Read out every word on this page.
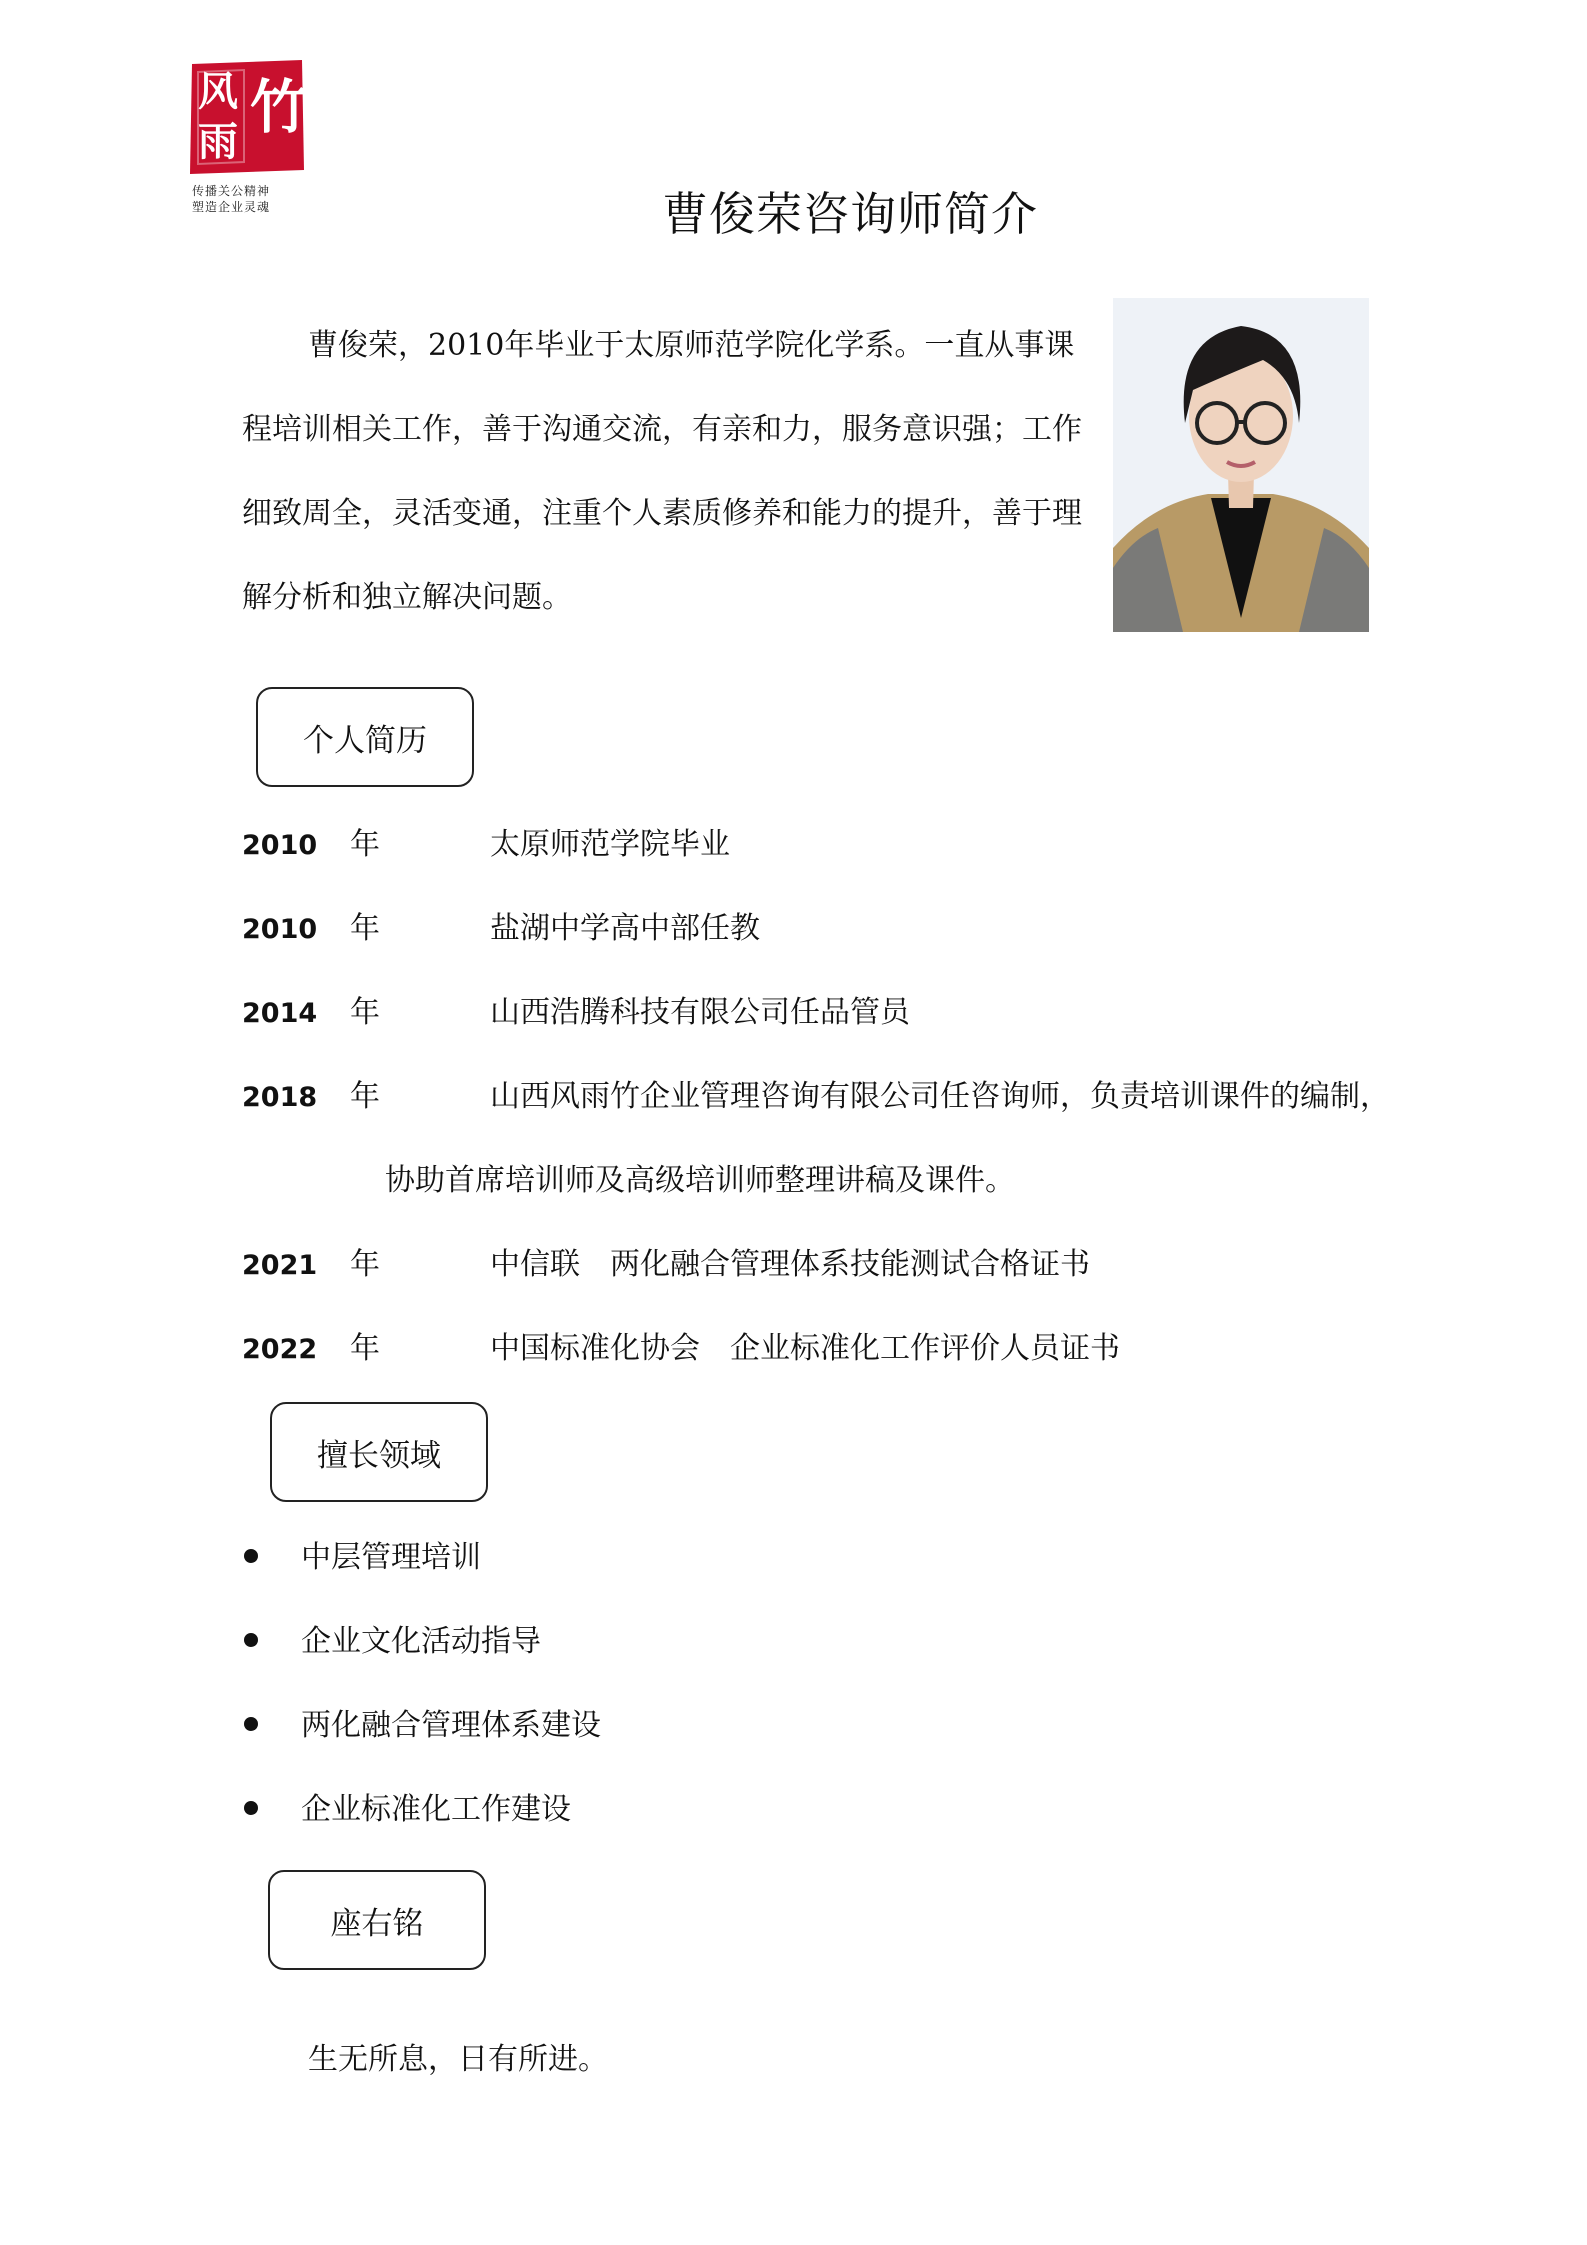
风 竹
雨
传播关公精神
塑造企业灵魂	曹俊荣咨询师简介

曹俊荣，2010年毕业于太原师范学院化学系。一直从事课程培训相关工作，善于沟通交流，有亲和力，服务意识强；工作细致周全，灵活变通，注重个人素质修养和能力的提升，善于理解分析和独立解决问题。

个人简历
2010 年	太原师范学院毕业
2010 年	盐湖中学高中部任教
2014 年	山西浩腾科技有限公司任品管员
2018 年	山西风雨竹企业管理咨询有限公司任咨询师，负责培训课件的编制，
协助首席培训师及高级培训师整理讲稿及课件。
2021 年	中信联　两化融合管理体系技能测试合格证书
2022 年	中国标准化协会　企业标准化工作评价人员证书
擅长领域
中层管理培训
企业文化活动指导
两化融合管理体系建设
企业标准化工作建设
座右铭
生无所息，日有所进。
